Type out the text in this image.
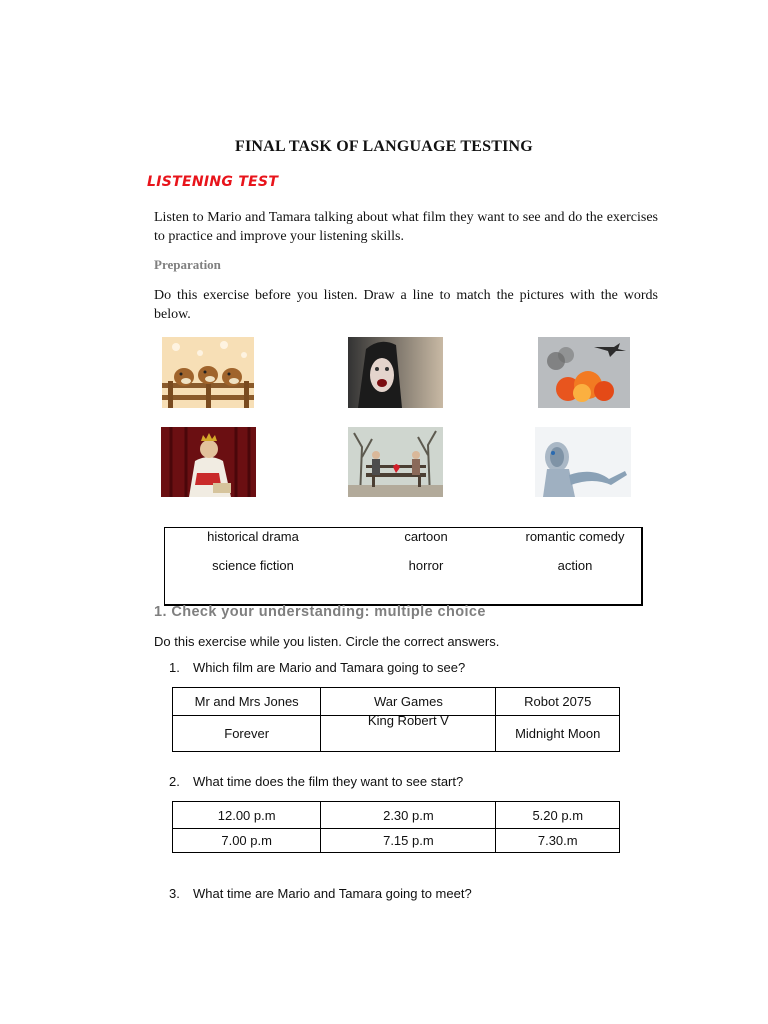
FINAL TASK OF LANGUAGE TESTING
LISTENING TEST
Listen to Mario and Tamara talking about what film they want to see and do the exercises to practice and improve your listening skills.
Preparation
Do this exercise before you listen. Draw a line to match the pictures with the words below.
historical drama	cartoon	romantic comedy
science fiction	horror	action
1. Check your understanding: multiple choice
Do this exercise while you listen. Circle the correct answers.
1. Which film are Mario and Tamara going to see?
Mr and Mrs Jones	War Games	Robot 2075
Forever	King Robert V	Midnight Moon
2. What time does the film they want to see start?
12.00 p.m	2.30 p.m	5.20 p.m
7.00 p.m	7.15 p.m	7.30.m
3. What time are Mario and Tamara going to meet?
